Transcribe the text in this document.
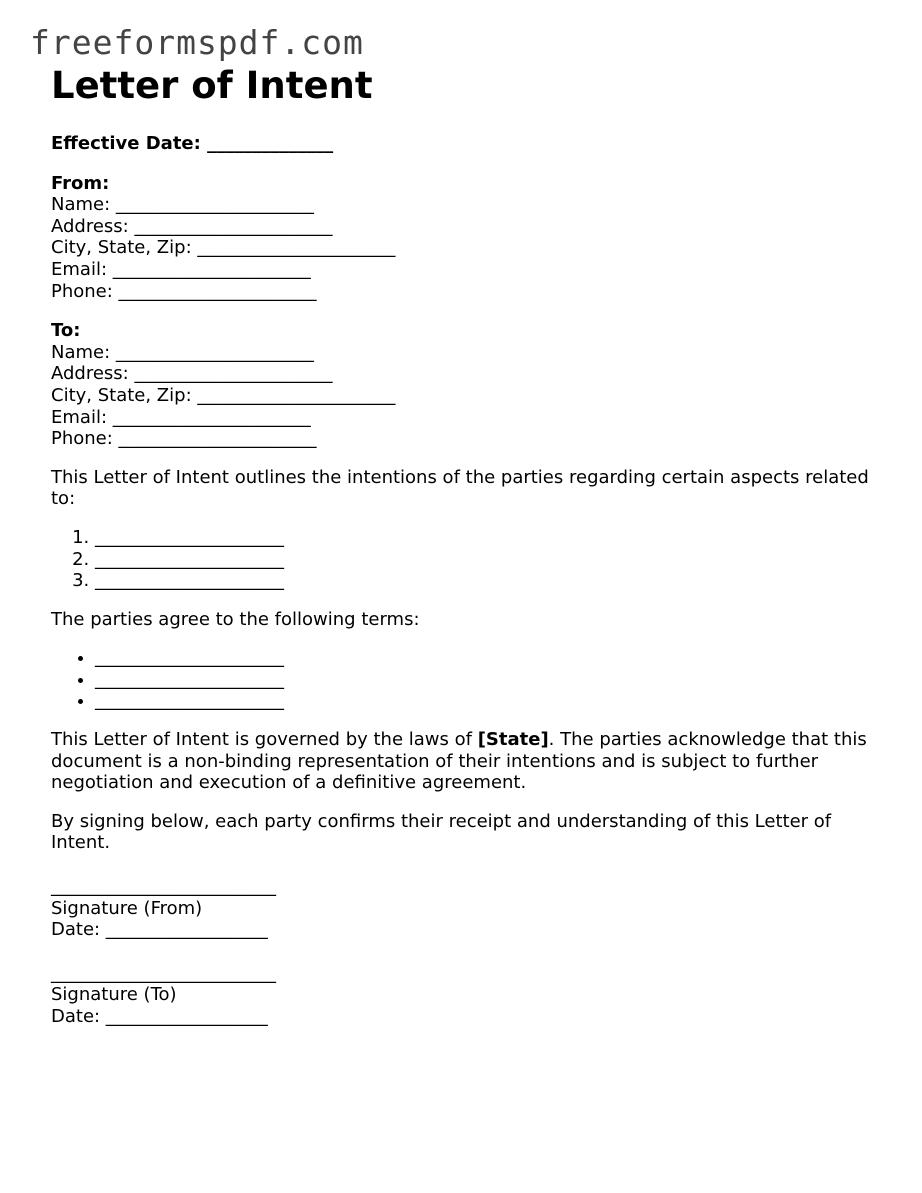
freeformspdf.com
Letter of Intent
Effective Date: ______________
From:
Name: ______________________
Address: ______________________
City, State, Zip: ______________________
Email: ______________________
Phone: ______________________
To:
Name: ______________________
Address: ______________________
City, State, Zip: ______________________
Email: ______________________
Phone: ______________________

This Letter of Intent outlines the intentions of the parties regarding certain aspects related to:

1. _____________________
2. _____________________
3. _____________________

The parties agree to the following terms:

• _____________________
• _____________________
• _____________________

This Letter of Intent is governed by the laws of [State]. The parties acknowledge that this document is a non-binding representation of their intentions and is subject to further negotiation and execution of a definitive agreement.

By signing below, each party confirms their receipt and understanding of this Letter of Intent.

_________________________
Signature (From)
Date: __________________
_________________________
Signature (To)
Date: __________________
